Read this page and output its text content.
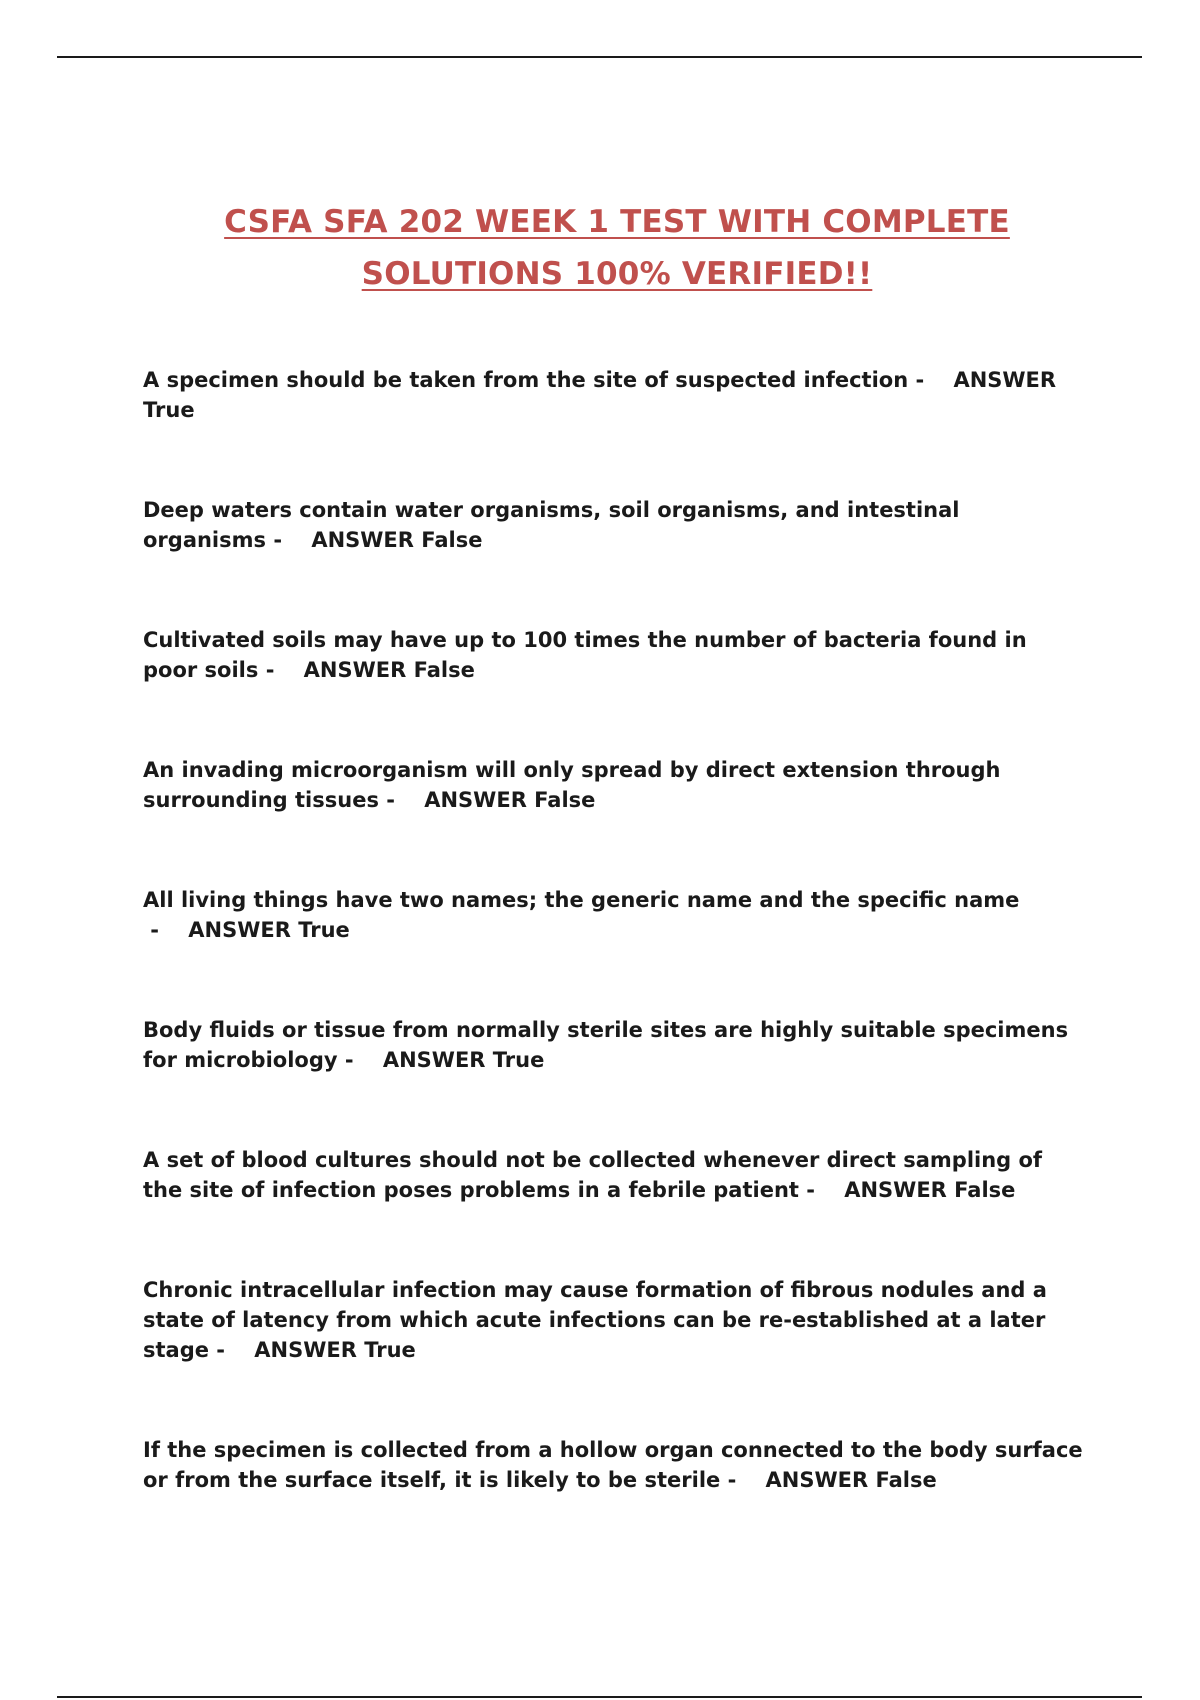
CSFA SFA 202 WEEK 1 TEST WITH COMPLETE
SOLUTIONS 100% VERIFIED!!
A specimen should be taken from the site of suspected infection -    ANSWER True
Deep waters contain water organisms, soil organisms, and intestinal organisms -    ANSWER False
Cultivated soils may have up to 100 times the number of bacteria found in poor soils -    ANSWER False
An invading microorganism will only spread by direct extension through surrounding tissues -    ANSWER False
All living things have two names; the generic name and the specific name -    ANSWER True
Body fluids or tissue from normally sterile sites are highly suitable specimens for microbiology -    ANSWER True
A set of blood cultures should not be collected whenever direct sampling of the site of infection poses problems in a febrile patient -    ANSWER False
Chronic intracellular infection may cause formation of fibrous nodules and a state of latency from which acute infections can be re-established at a later stage -    ANSWER True
If the specimen is collected from a hollow organ connected to the body surface or from the surface itself, it is likely to be sterile -    ANSWER False
